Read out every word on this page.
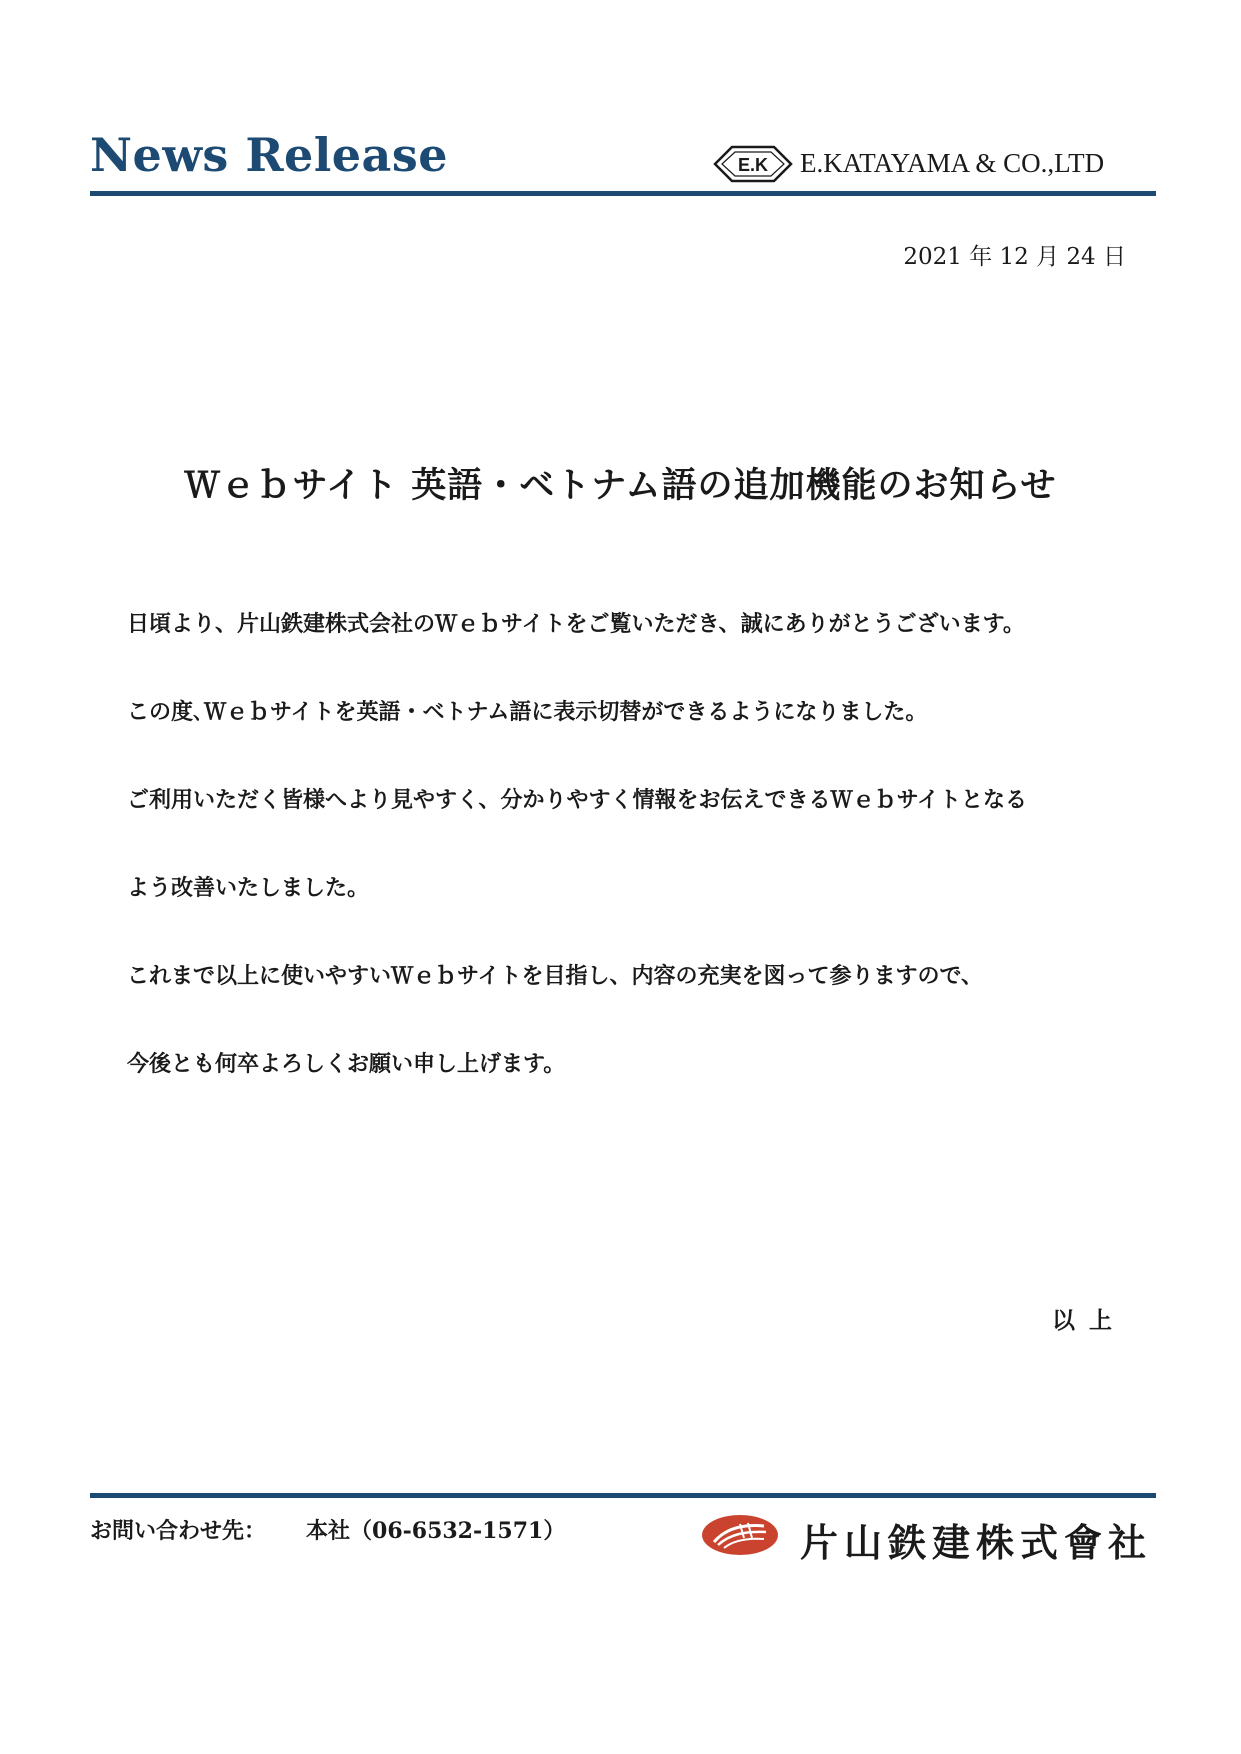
News Release	E.K E.KATAYAMA & CO.,LTD
2021 年 12 月 24 日
Ｗｅｂサイト 英語・ベトナム語の追加機能のお知らせ
日頃より、片山鉄建株式会社のＷｅｂサイトをご覧いただき、誠にありがとうございます。
この度､Ｗｅｂサイトを英語・ベトナム語に表示切替ができるようになりました。
ご利用いただく皆様へより見やすく、分かりやすく情報をお伝えできるＷｅｂサイトとなる
よう改善いたしました。
これまで以上に使いやすいＷｅｂサイトを目指し、内容の充実を図って参りますので、
今後とも何卒よろしくお願い申し上げます。
以上
お問い合わせ先： 本社（06-6532-1571）	片山鉄建株式會社
